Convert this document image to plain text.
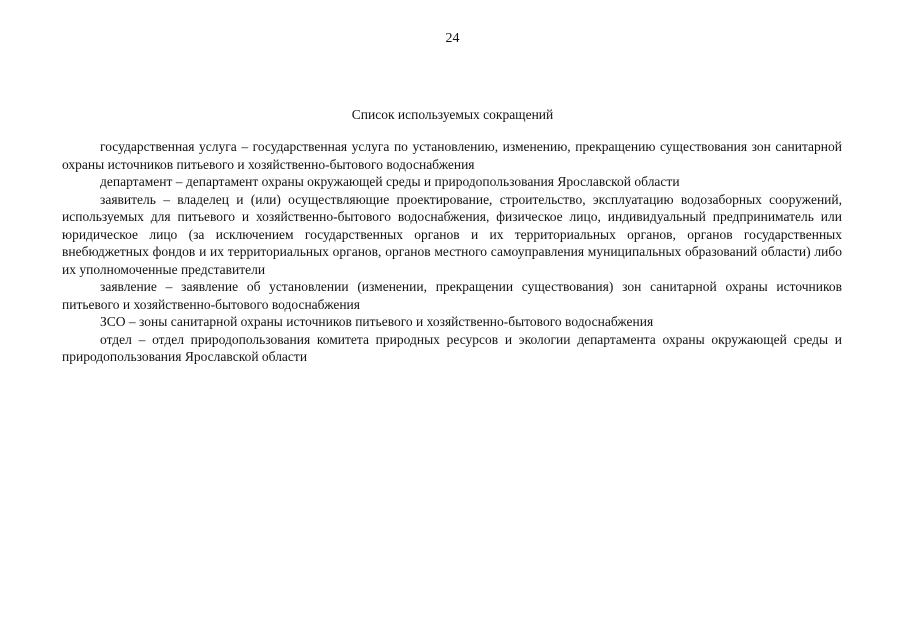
24
Список используемых сокращений

государственная услуга – государственная услуга по установлению, изменению, прекращению существования зон санитарной охраны источников питьевого и хозяйственно-бытового водоснабжения

департамент – департамент охраны окружающей среды и природопользования Ярославской области

заявитель – владелец и (или) осуществляющие проектирование, строительство, эксплуатацию водозаборных сооружений, используемых для питьевого и хозяйственно-бытового водоснабжения, физическое лицо, индивидуальный предприниматель или юридическое лицо (за исключением государственных органов и их территориальных органов, органов государственных внебюджетных фондов и их территориальных органов, органов местного самоуправления муниципальных образований области) либо их уполномоченные представители

заявление – заявление об установлении (изменении, прекращении существования) зон санитарной охраны источников питьевого и хозяйственно-бытового водоснабжения

ЗСО – зоны санитарной охраны источников питьевого и хозяйственно-бытового водоснабжения

отдел – отдел природопользования комитета природных ресурсов и экологии департамента охраны окружающей среды и природопользования Ярославской области
